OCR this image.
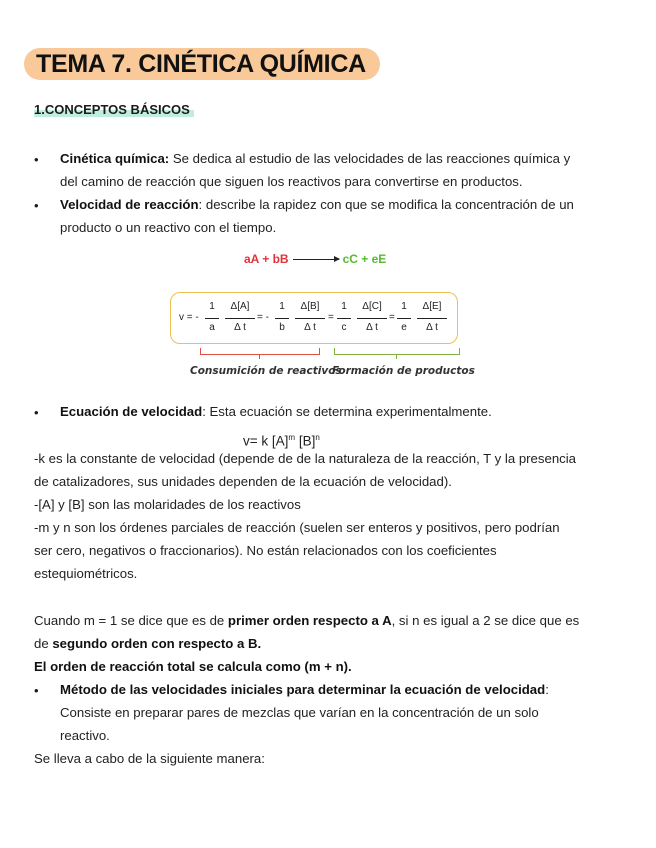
TEMA 7. CINÉTICA QUÍMICA
1.CONCEPTOS BÁSICOS
• Cinética química: Se dedica al estudio de las velocidades de las reacciones química y
del camino de reacción que siguen los reactivos para convertirse en productos.
• Velocidad de reacción: describe la rapidez con que se modifica la concentración de un
producto o un reactivo con el tiempo.
aA + bB → cC + eE
v = -
1
a
Δ[A]
Δ t
= -
1
b
Δ[B]
Δ t
=
1
c
Δ[C]
Δ t
=
1
e
Δ[E]
Δ t
Consumición de reactivos
Formación de productos
• Ecuación de velocidad: Esta ecuación se determina experimentalmente.
v= k $[A]^m$ $[B]^n$
-k es la constante de velocidad (depende de de la naturaleza de la reacción, T y la presencia
de catalizadores, sus unidades dependen de la ecuación de velocidad).
-[A] y [B] son las molaridades de los reactivos
-m y n son los órdenes parciales de reacción (suelen ser enteros y positivos, pero podrían
ser cero, negativos o fraccionarios). No están relacionados con los coeficientes
estequiométricos.
Cuando m = 1 se dice que es de primer orden respecto a A, si n es igual a 2 se dice que es
de segundo orden con respecto a B.
El orden de reacción total se calcula como (m + n).
• Método de las velocidades iniciales para determinar la ecuación de velocidad:
Consiste en preparar pares de mezclas que varían en la concentración de un solo
reactivo.
Se lleva a cabo de la siguiente manera:
